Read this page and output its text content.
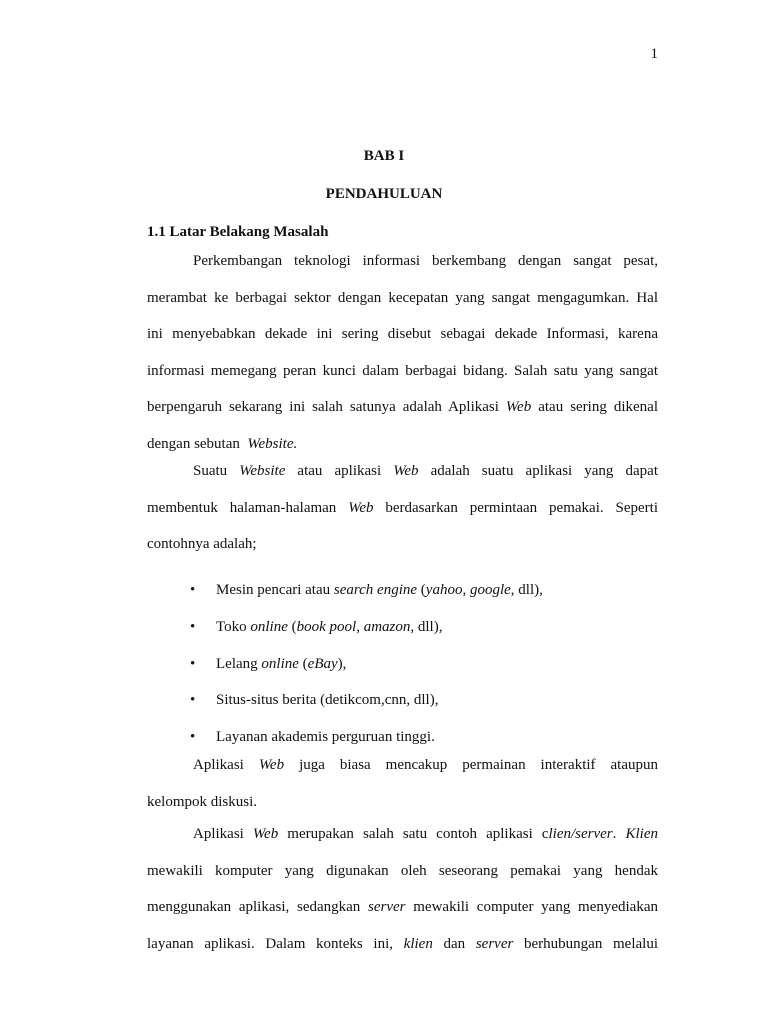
1
BAB I
PENDAHULUAN
1.1 Latar Belakang Masalah
Perkembangan teknologi informasi berkembang dengan sangat pesat,
merambat ke berbagai sektor dengan kecepatan yang sangat mengagumkan. Hal
ini menyebabkan dekade ini sering disebut sebagai dekade Informasi, karena
informasi memegang peran kunci dalam berbagai bidang. Salah satu yang sangat
berpengaruh sekarang ini salah satunya adalah Aplikasi Web atau sering dikenal
dengan sebutan  Website.
Suatu Website atau aplikasi Web adalah suatu aplikasi yang dapat
membentuk halaman-halaman Web berdasarkan permintaan pemakai. Seperti
contohnya adalah;
• Mesin pencari atau search engine (yahoo, google, dll),
• Toko online (book pool, amazon, dll),
• Lelang online (eBay),
• Situs-situs berita (detikcom,cnn, dll),
• Layanan akademis perguruan tinggi.
Aplikasi Web juga biasa mencakup permainan interaktif ataupun
kelompok diskusi.
Aplikasi Web merupakan salah satu contoh aplikasi clien/server. Klien
mewakili komputer yang digunakan oleh seseorang pemakai yang hendak
menggunakan aplikasi, sedangkan server mewakili computer yang menyediakan
layanan aplikasi. Dalam konteks ini, klien dan server berhubungan melalui
